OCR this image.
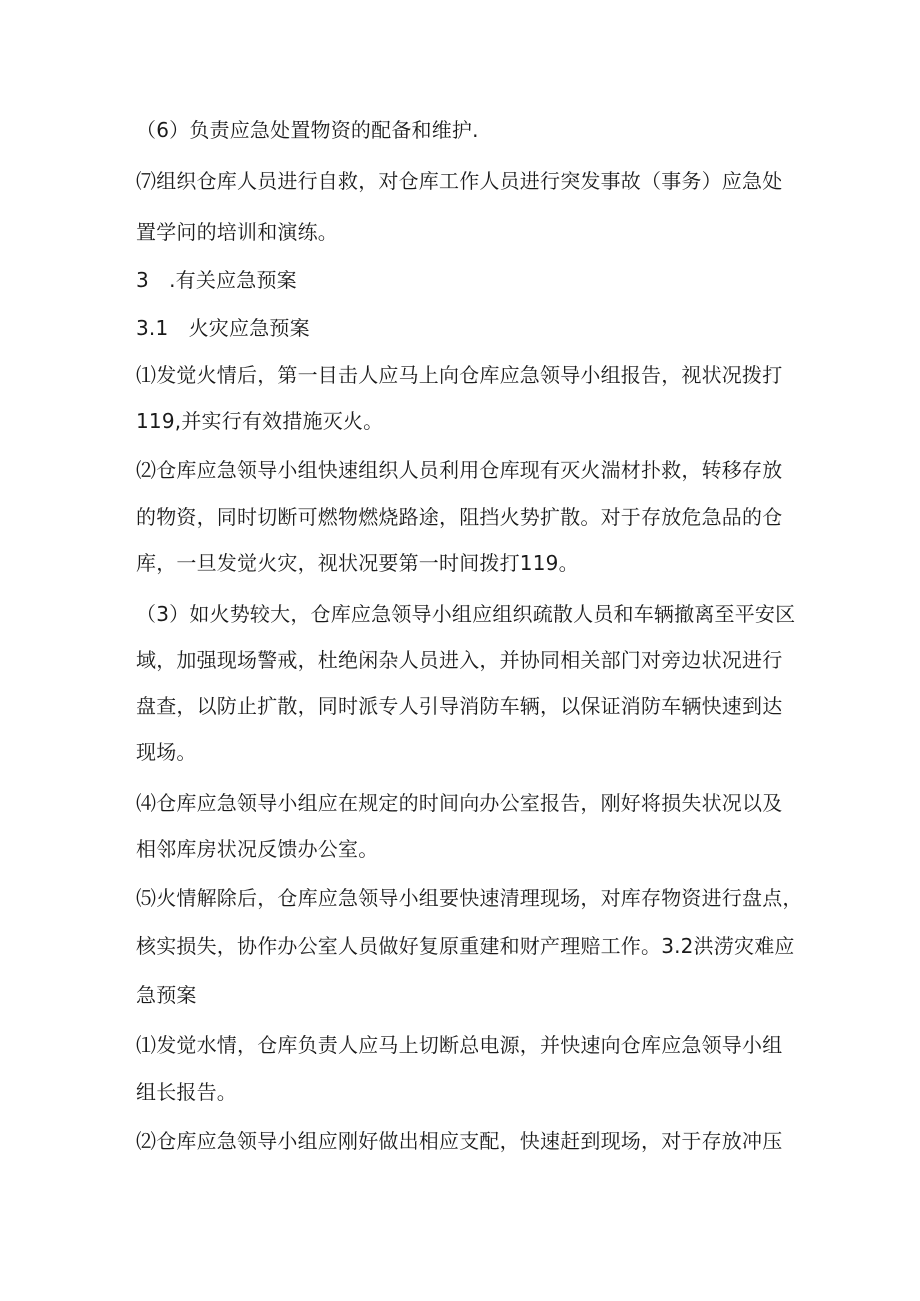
（6）负责应急处置物资的配备和维护.
⑺组织仓库人员进行自救，对仓库工作人员进行突发事故（事务）应急处
置学问的培训和演练。
3　.有关应急预案
3.1　火灾应急预案
⑴发觉火情后，第一目击人应马上向仓库应急领导小组报告，视状况拨打
119,并实行有效措施灭火。
⑵仓库应急领导小组快速组织人员利用仓库现有灭火湍材扑救，转移存放
的物资，同时切断可燃物燃烧路途，阻挡火势扩散。对于存放危急品的仓
库，一旦发觉火灾，视状况要第一时间拨打119。
（3）如火势较大，仓库应急领导小组应组织疏散人员和车辆撤离至平安区
域，加强现场警戒，杜绝闲杂人员进入，并协同相关部门对旁边状况进行
盘查，以防止扩散，同时派专人引导消防车辆，以保证消防车辆快速到达
现场。
⑷仓库应急领导小组应在规定的时间向办公室报告，刚好将损失状况以及
相邻库房状况反馈办公室。
⑸火情解除后，仓库应急领导小组要快速清理现场，对库存物资进行盘点，
核实损失，协作办公室人员做好复原重建和财产理赔工作。3.2洪涝灾难应
急预案
⑴发觉水情，仓库负责人应马上切断总电源，并快速向仓库应急领导小组
组长报告。
⑵仓库应急领导小组应刚好做出相应支配，快速赶到现场，对于存放冲压
